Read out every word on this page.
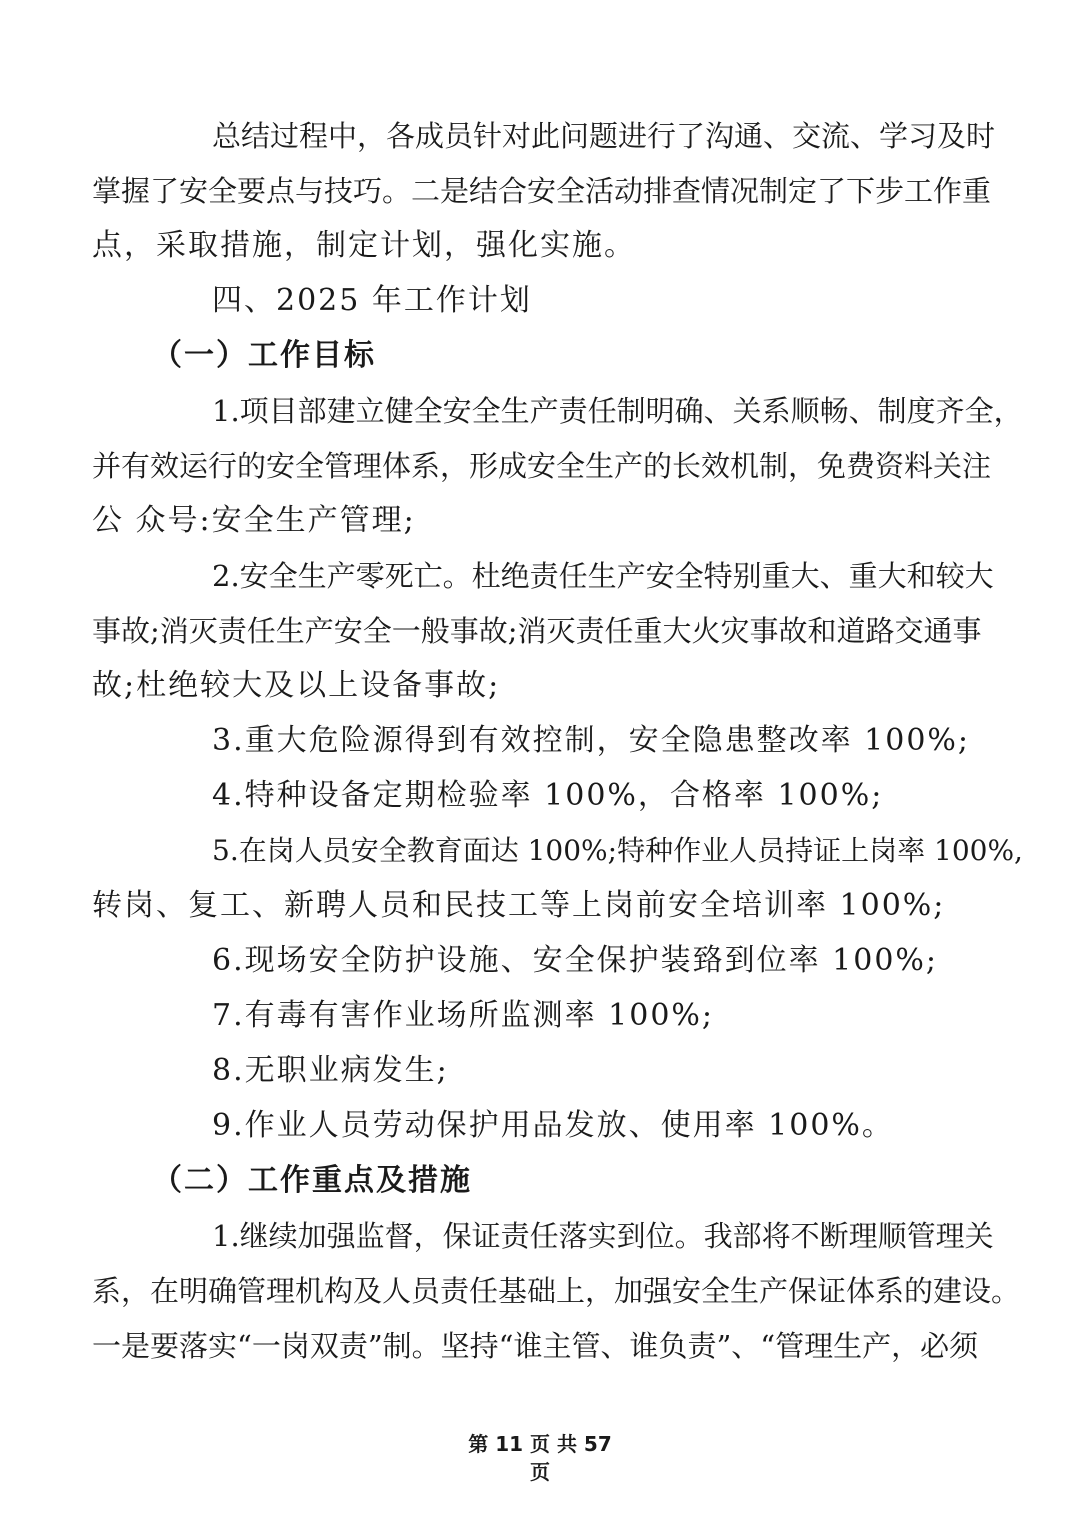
总结过程中，各成员针对此问题进行了沟通、交流、学习及时
掌握了安全要点与技巧。二是结合安全活动排查情况制定了下步工作重
点，采取措施，制定计划，强化实施。
四、2025 年工作计划
（一）工作目标
1.项目部建立健全安全生产责任制明确、关系顺畅、制度齐全，
并有效运行的安全管理体系，形成安全生产的长效机制，免费资料关注
公 众号:安全生产管理;
2.安全生产零死亡。杜绝责任生产安全特别重大、重大和较大
事故;消灭责任生产安全一般事故;消灭责任重大火灾事故和道路交通事
故;杜绝较大及以上设备事故;
3.重大危险源得到有效控制，安全隐患整改率 100%;
4.特种设备定期检验率 100%，合格率 100%;
5.在岗人员安全教育面达 100%;特种作业人员持证上岗率 100%,
转岗、复工、新聘人员和民技工等上岗前安全培训率 100%;
6.现场安全防护设施、安全保护装臵到位率 100%;
7.有毒有害作业场所监测率 100%;
8.无职业病发生;
9.作业人员劳动保护用品发放、使用率 100%。
（二）工作重点及措施
1.继续加强监督，保证责任落实到位。我部将不断理顺管理关
系，在明确管理机构及人员责任基础上，加强安全生产保证体系的建设。
一是要落实“一岗双责”制。坚持“谁主管、谁负责”、“管理生产，必须
第 11 页 共 57
页
